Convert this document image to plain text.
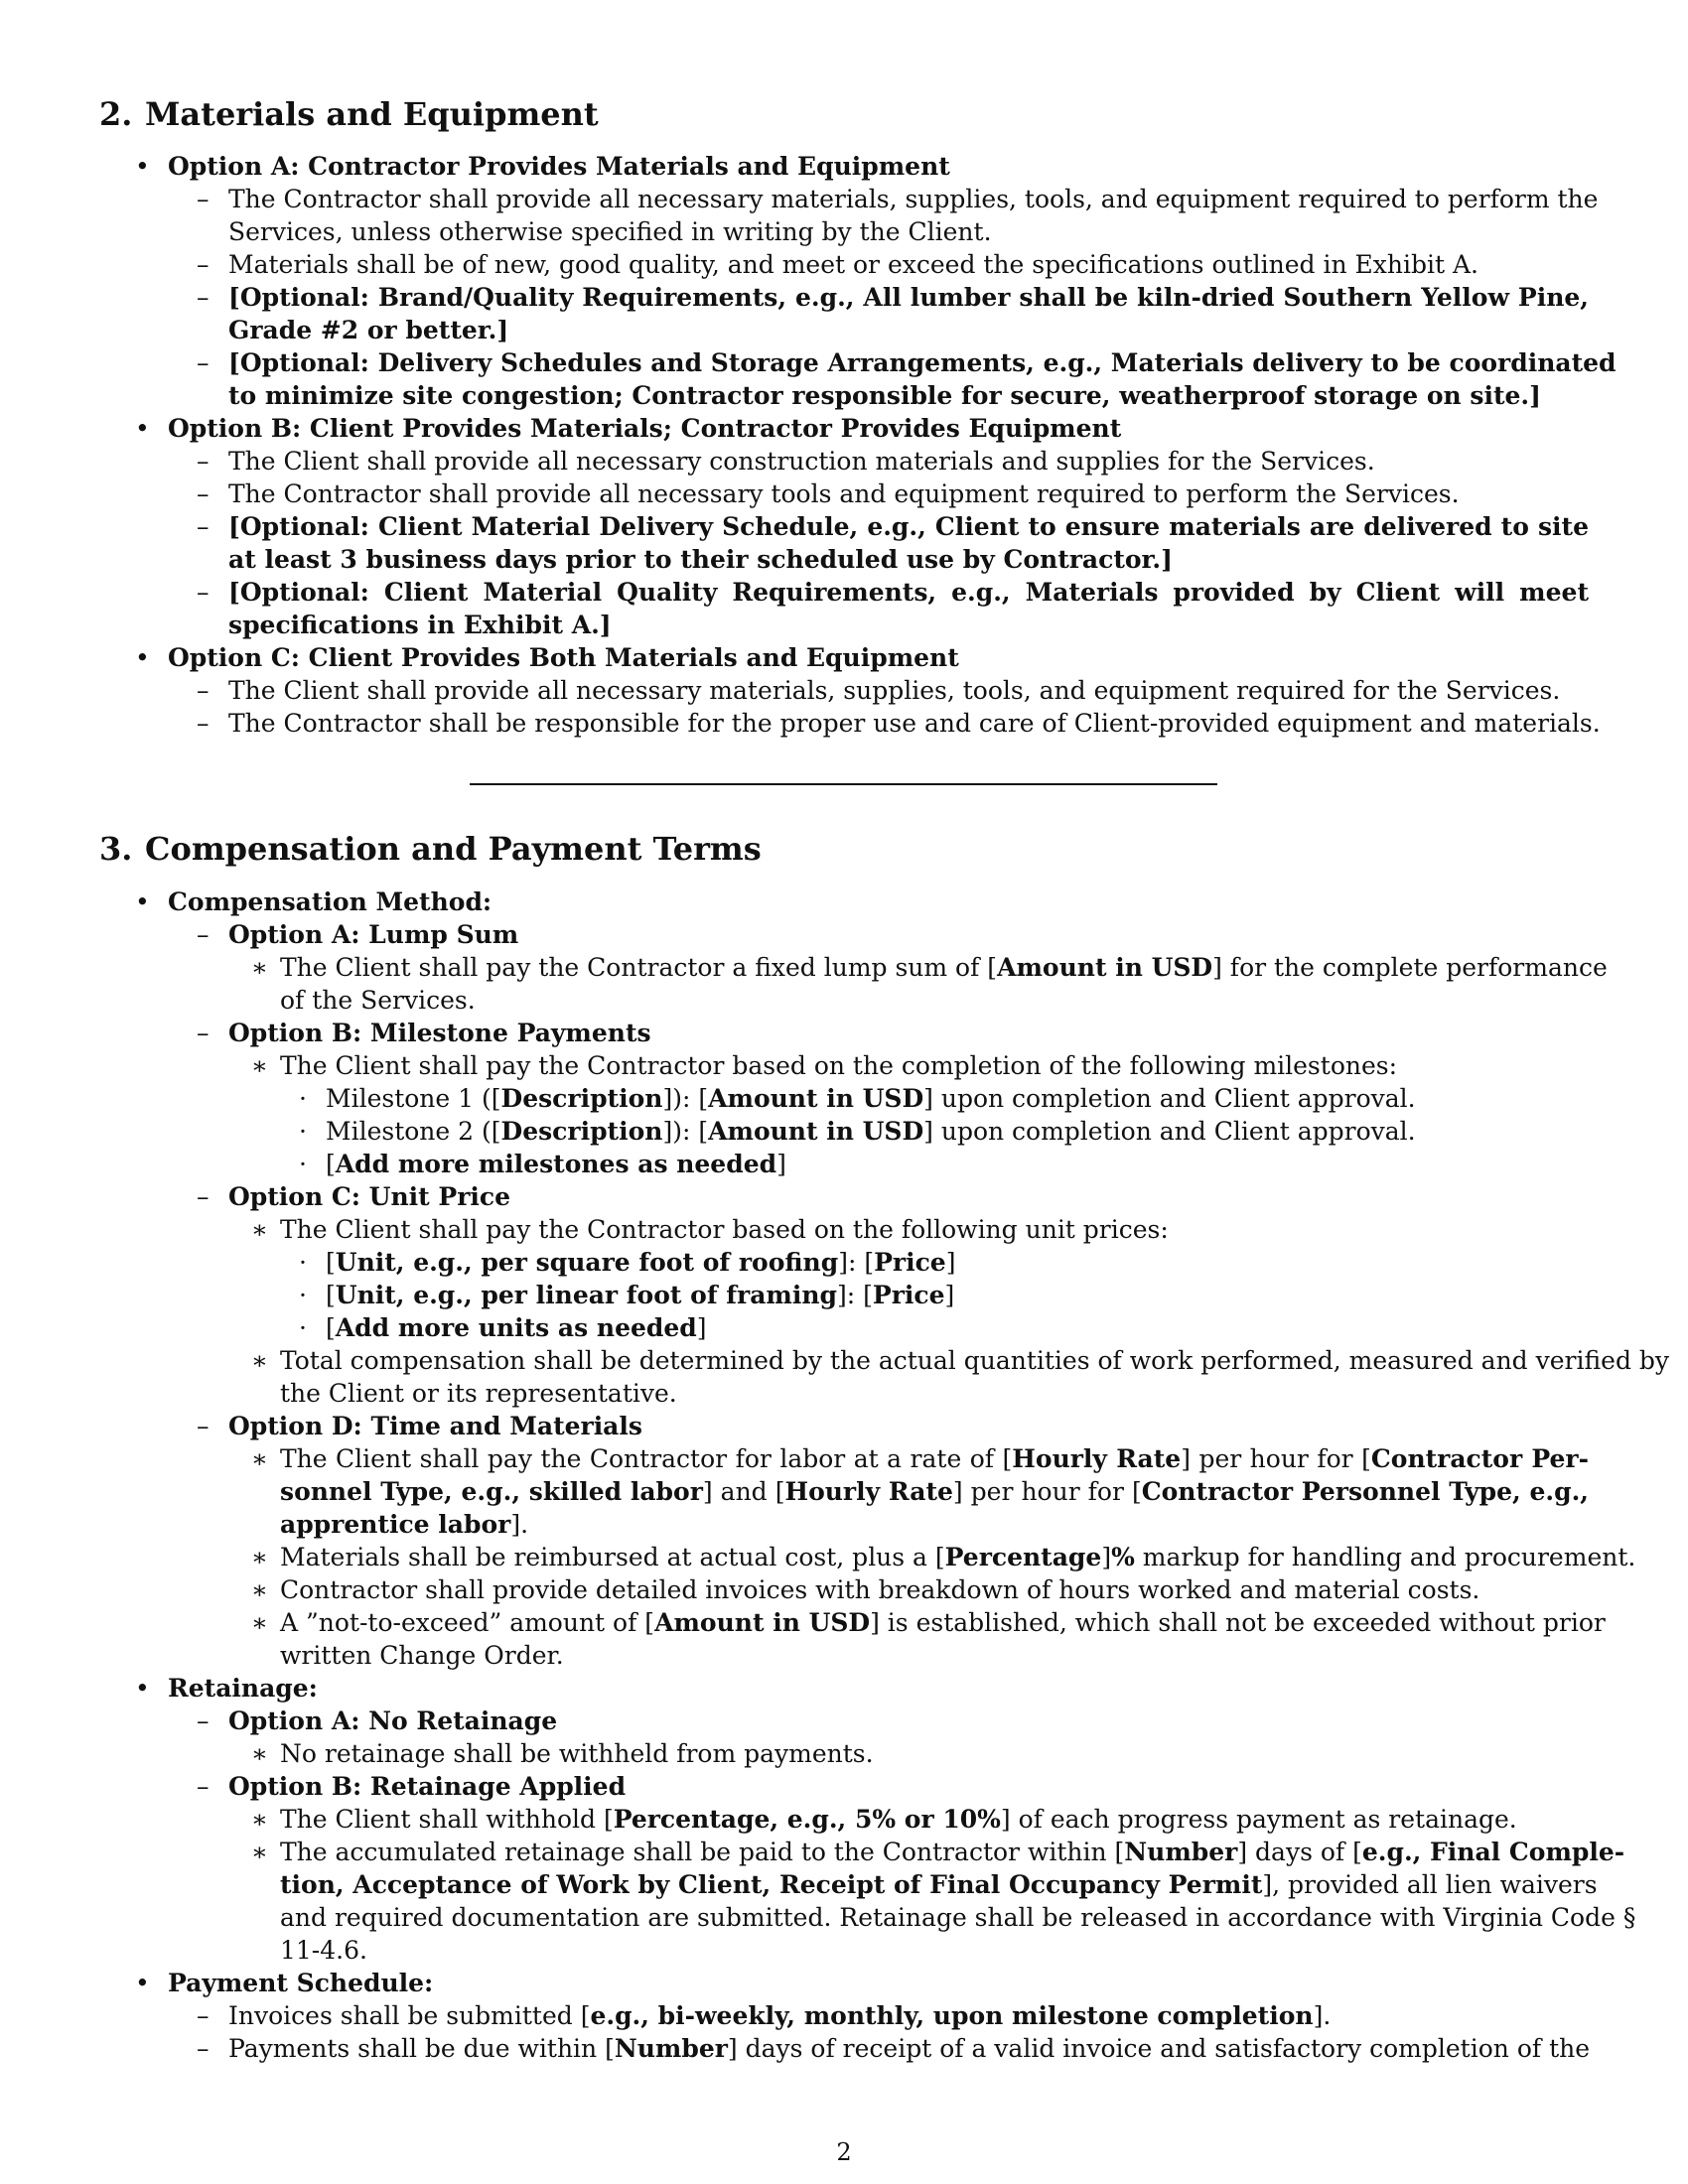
2. Materials and Equipment
• Option A: Contractor Provides Materials and Equipment
– The Contractor shall provide all necessary materials, supplies, tools, and equipment required to perform the
Services, unless otherwise specified in writing by the Client.
– Materials shall be of new, good quality, and meet or exceed the specifications outlined in Exhibit A.
– [Optional: Brand/Quality Requirements, e.g., All lumber shall be kiln-dried Southern Yellow Pine,
Grade #2 or better.]
– [Optional: Delivery Schedules and Storage Arrangements, e.g., Materials delivery to be coordinated
to minimize site congestion; Contractor responsible for secure, weatherproof storage on site.]
• Option B: Client Provides Materials; Contractor Provides Equipment
– The Client shall provide all necessary construction materials and supplies for the Services.
– The Contractor shall provide all necessary tools and equipment required to perform the Services.
– [Optional: Client Material Delivery Schedule, e.g., Client to ensure materials are delivered to site
at least 3 business days prior to their scheduled use by Contractor.]
– [Optional: Client Material Quality Requirements, e.g., Materials provided by Client will meet
specifications in Exhibit A.]
• Option C: Client Provides Both Materials and Equipment
– The Client shall provide all necessary materials, supplies, tools, and equipment required for the Services.
– The Contractor shall be responsible for the proper use and care of Client-provided equipment and materials.
3. Compensation and Payment Terms
• Compensation Method:
– Option A: Lump Sum
∗ The Client shall pay the Contractor a fixed lump sum of [Amount in USD] for the complete performance
of the Services.
– Option B: Milestone Payments
∗ The Client shall pay the Contractor based on the completion of the following milestones:
· Milestone 1 ([Description]): [Amount in USD] upon completion and Client approval.
· Milestone 2 ([Description]): [Amount in USD] upon completion and Client approval.
· [Add more milestones as needed]
– Option C: Unit Price
∗ The Client shall pay the Contractor based on the following unit prices:
· [Unit, e.g., per square foot of roofing]: [Price]
· [Unit, e.g., per linear foot of framing]: [Price]
· [Add more units as needed]
∗ Total compensation shall be determined by the actual quantities of work performed, measured and verified by
the Client or its representative.
– Option D: Time and Materials
∗ The Client shall pay the Contractor for labor at a rate of [Hourly Rate] per hour for [Contractor Per-
sonnel Type, e.g., skilled labor] and [Hourly Rate] per hour for [Contractor Personnel Type, e.g.,
apprentice labor].
∗ Materials shall be reimbursed at actual cost, plus a [Percentage]% markup for handling and procurement.
∗ Contractor shall provide detailed invoices with breakdown of hours worked and material costs.
∗ A ”not-to-exceed” amount of [Amount in USD] is established, which shall not be exceeded without prior
written Change Order.
• Retainage:
– Option A: No Retainage
∗ No retainage shall be withheld from payments.
– Option B: Retainage Applied
∗ The Client shall withhold [Percentage, e.g., 5% or 10%] of each progress payment as retainage.
∗ The accumulated retainage shall be paid to the Contractor within [Number] days of [e.g., Final Comple-
tion, Acceptance of Work by Client, Receipt of Final Occupancy Permit], provided all lien waivers
and required documentation are submitted. Retainage shall be released in accordance with Virginia Code §
11-4.6.
• Payment Schedule:
– Invoices shall be submitted [e.g., bi-weekly, monthly, upon milestone completion].
– Payments shall be due within [Number] days of receipt of a valid invoice and satisfactory completion of the
2
